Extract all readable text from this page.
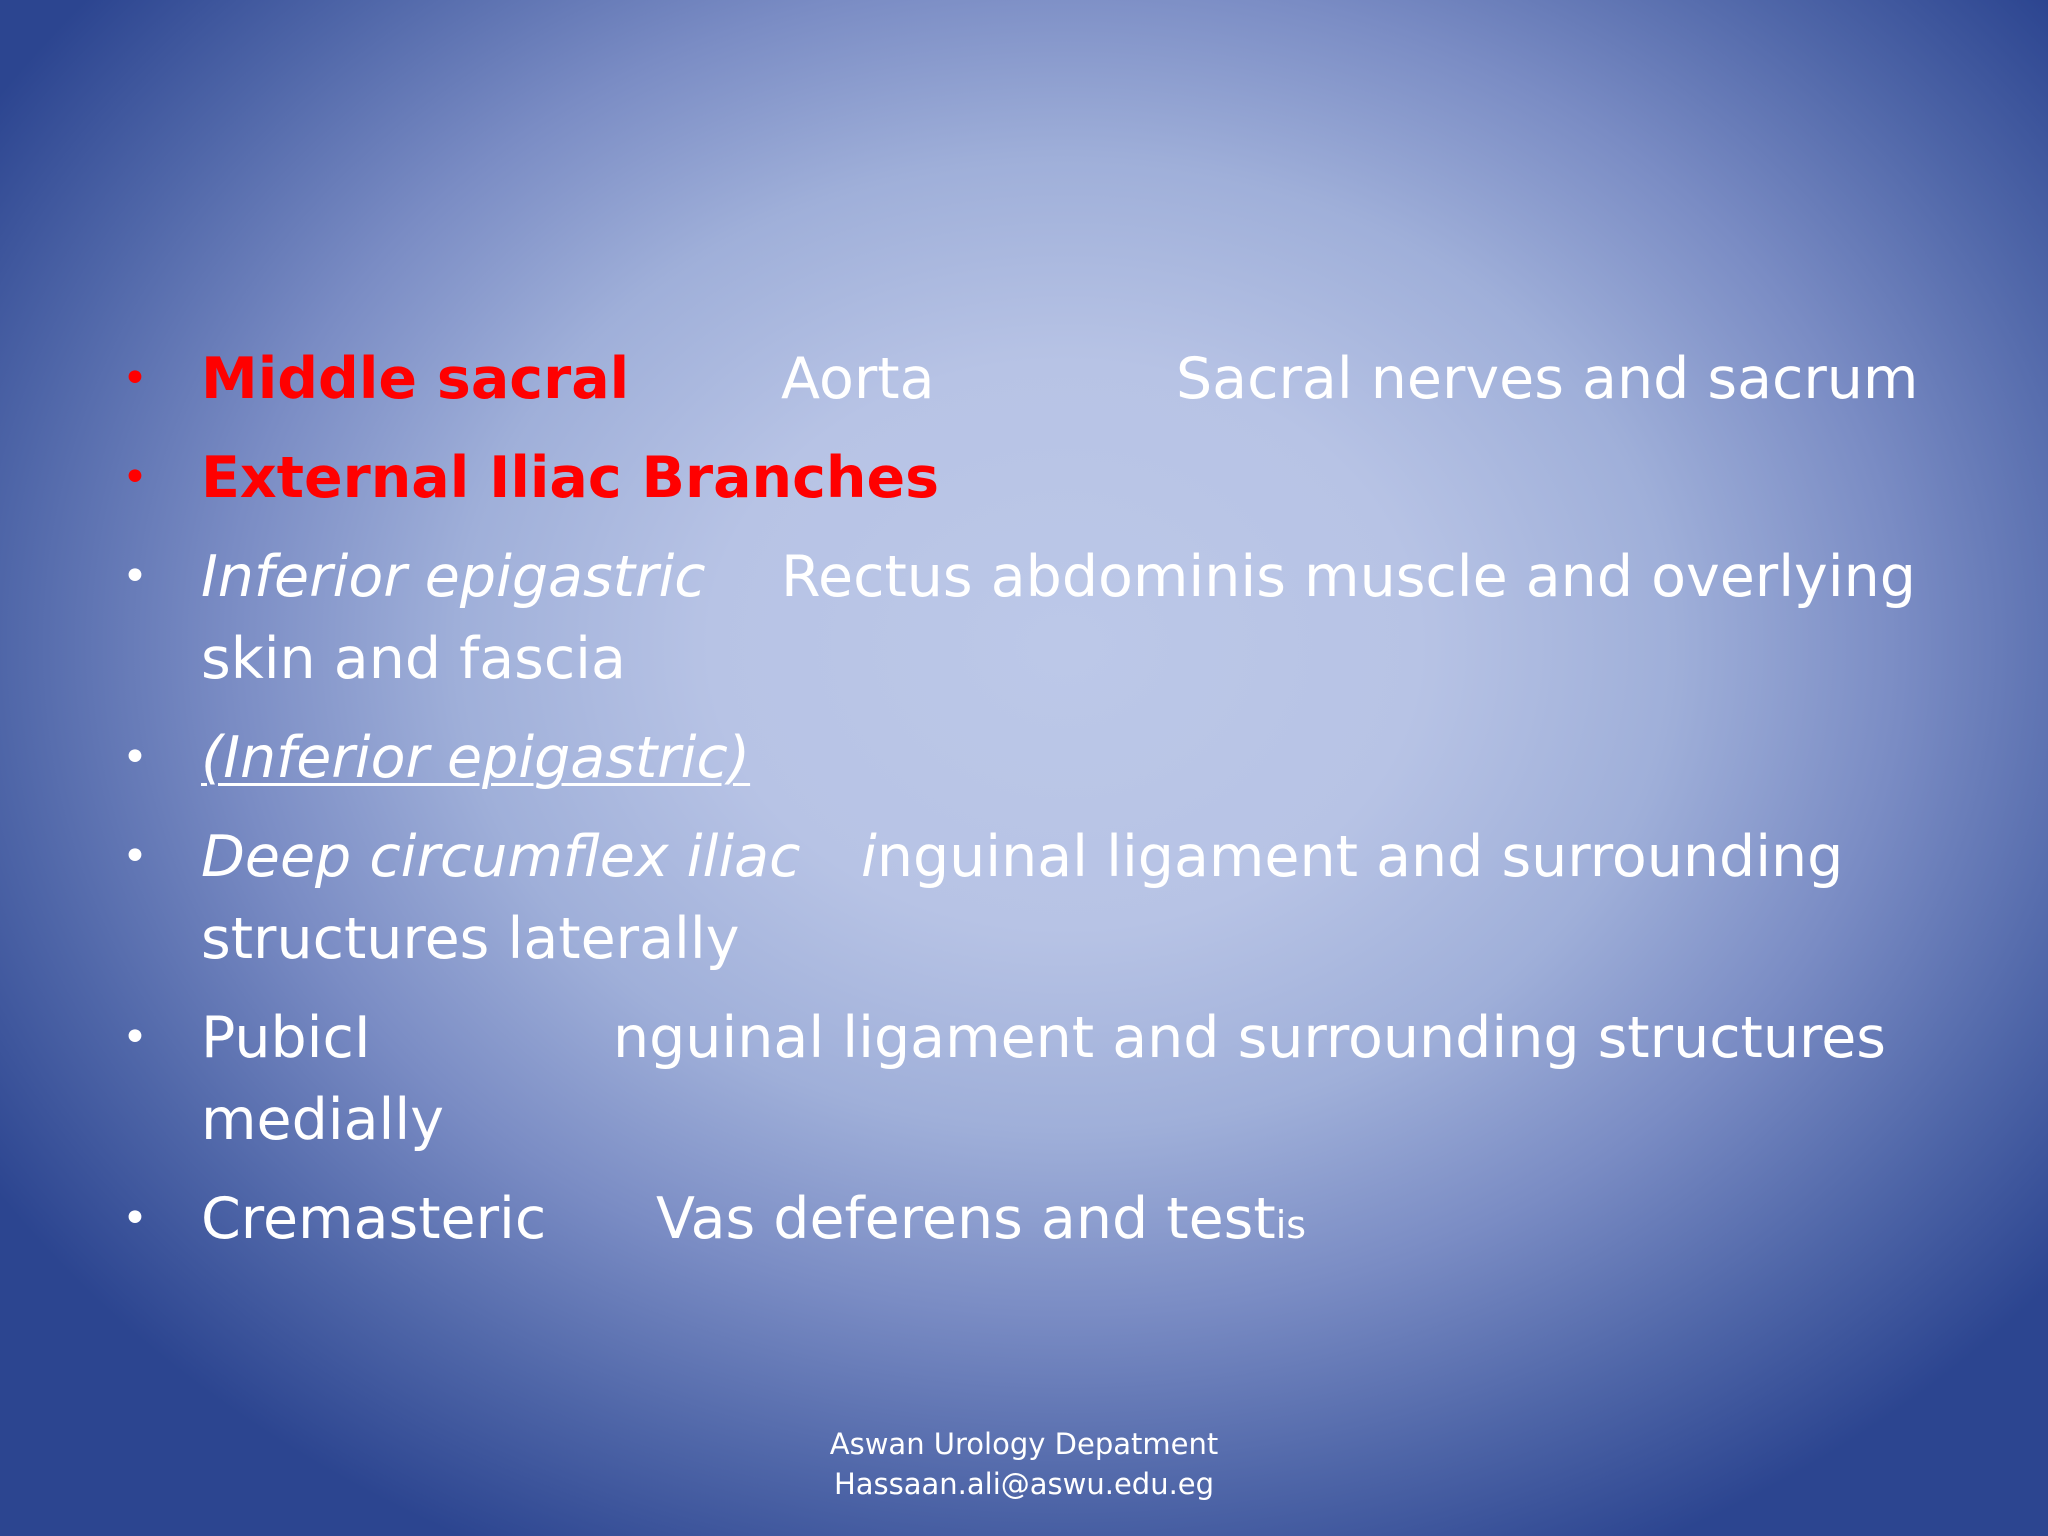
• Middle sacral	Aorta	Sacral nerves and sacrum
• External Iliac Branches
• Inferior epigastric Rectus abdominis muscle and overlying
skin and fascia
• (Inferior epigastric)
• Deep circumflex iliac inguinal ligament and surrounding
structures laterally
• PubicI	nguinal ligament and surrounding structures
medially
• Cremasteric Vas deferens and testis
Aswan Urology Depatment
Hassaan.ali@aswu.edu.eg
